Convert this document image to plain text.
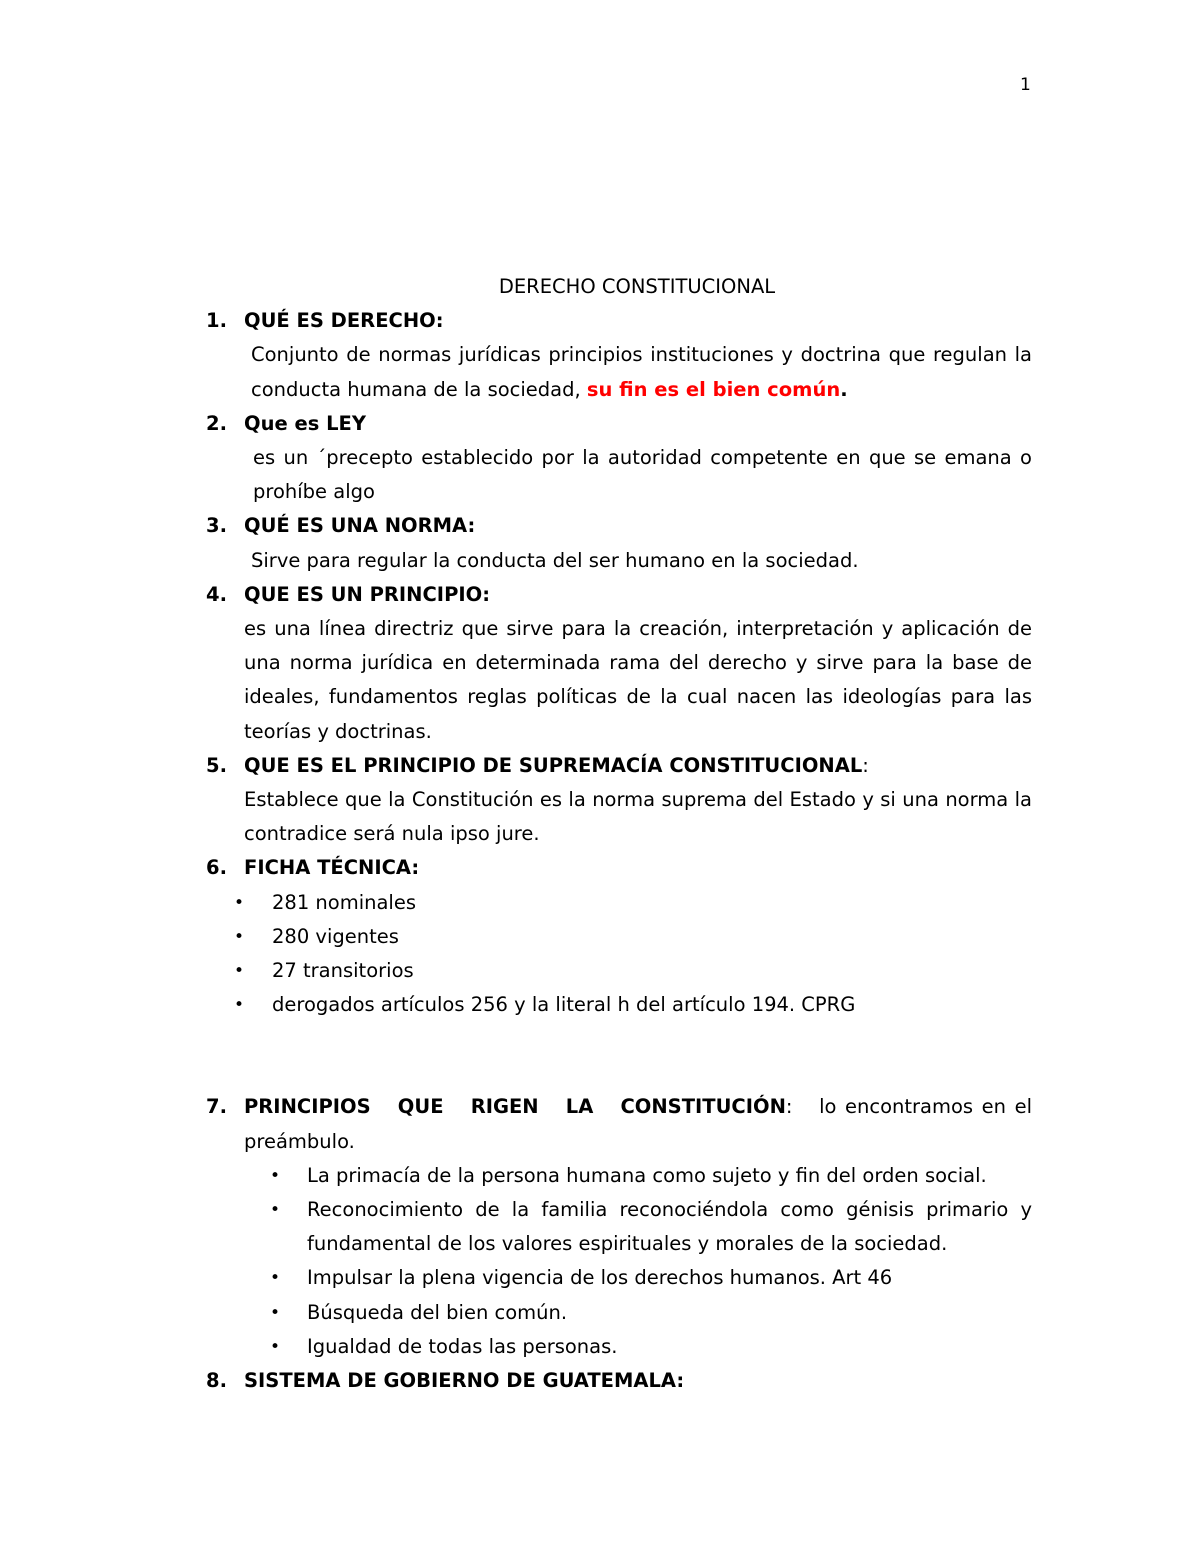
1
DERECHO CONSTITUCIONAL
1. QUÉ ES DERECHO:
Conjunto de normas jurídicas principios instituciones y doctrina que regulan la conducta humana de la sociedad, su fin es el bien común.
2. Que es LEY
es un ´precepto establecido por la autoridad competente en que se emana o prohíbe algo
3. QUÉ ES UNA NORMA:
Sirve para regular la conducta del ser humano en la sociedad.
4. QUE ES UN PRINCIPIO:
es una línea directriz que sirve para la creación, interpretación y aplicación de una norma jurídica en determinada rama del derecho y sirve para la base de ideales, fundamentos reglas políticas de la cual nacen las ideologías para las teorías y doctrinas.
5. QUE ES EL PRINCIPIO DE SUPREMACÍA CONSTITUCIONAL:
Establece que la Constitución es la norma suprema del Estado y si una norma la contradice será nula ipso jure.
6. FICHA TÉCNICA:
• 281 nominales
• 280 vigentes
• 27 transitorios
• derogados artículos 256 y la literal h del artículo 194. CPRG
7. PRINCIPIOS QUE RIGEN LA CONSTITUCIÓN: lo encontramos en el preámbulo.
• La primacía de la persona humana como sujeto y fin del orden social.
• Reconocimiento de la familia reconociéndola como génisis primario y fundamental de los valores espirituales y morales de la sociedad.
• Impulsar la plena vigencia de los derechos humanos. Art 46
• Búsqueda del bien común.
• Igualdad de todas las personas.
8. SISTEMA DE GOBIERNO DE GUATEMALA:
